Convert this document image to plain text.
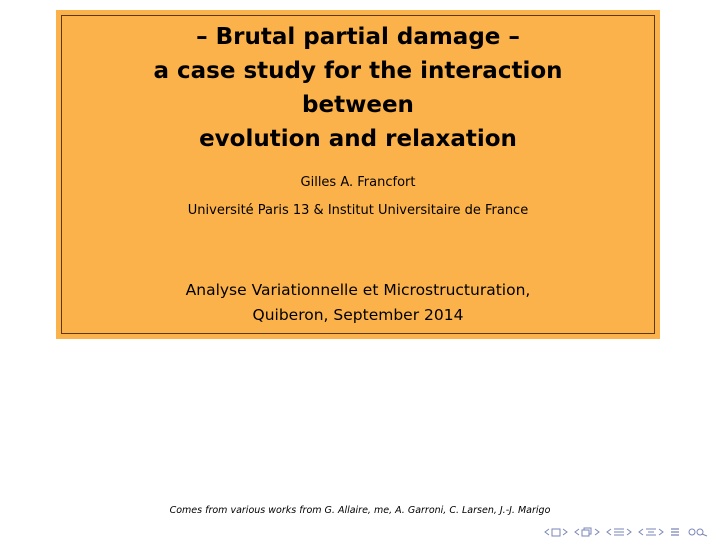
– Brutal partial damage –
a case study for the interaction
between
evolution and relaxation
Gilles A. Francfort
Université Paris 13 & Institut Universitaire de France
Analyse Variationnelle et Microstructuration,
Quiberon, September 2014
Comes from various works from G. Allaire, me, A. Garroni, C. Larsen, J.-J. Marigo
